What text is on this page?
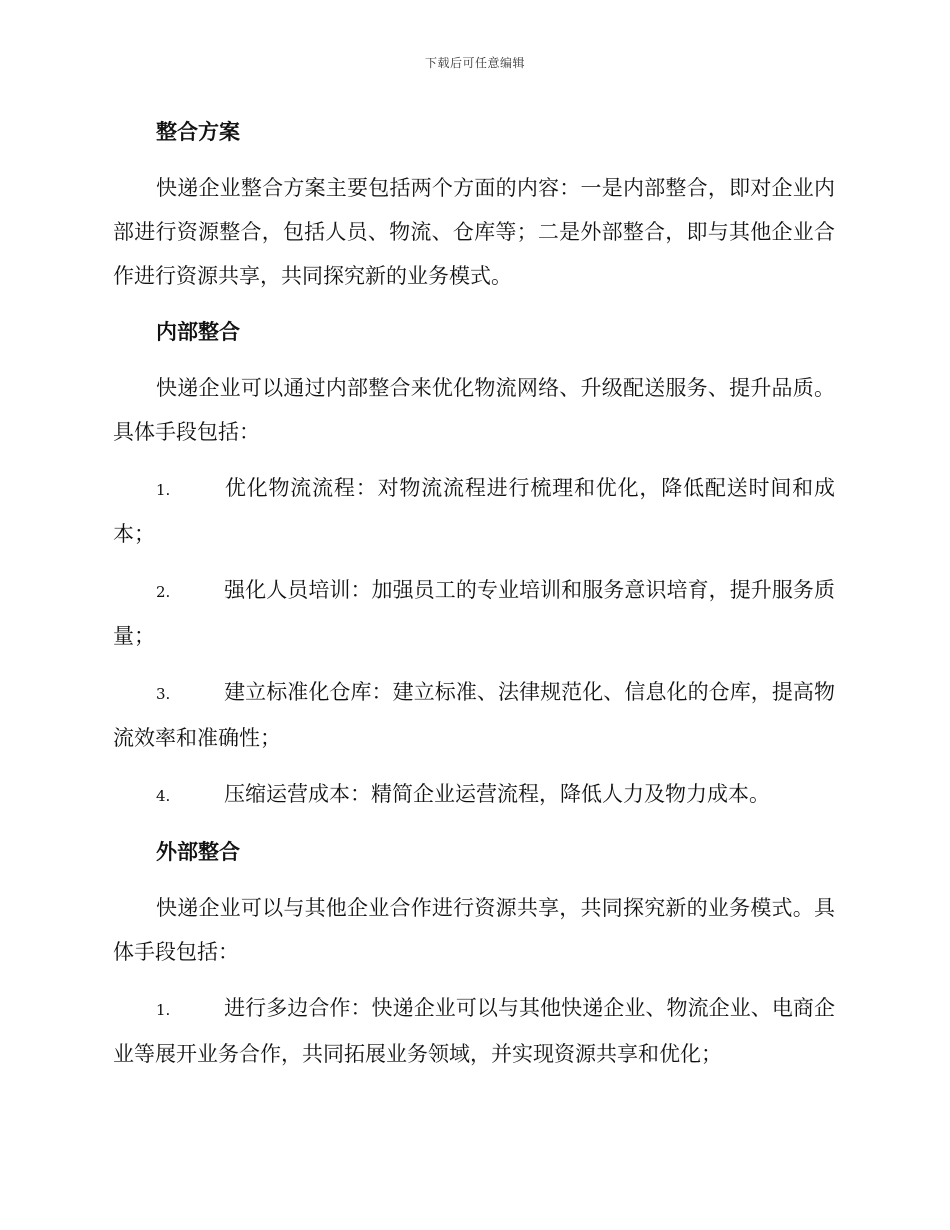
下载后可任意编辑

整合方案

快递企业整合方案主要包括两个方面的内容：一是内部整合，即对企业内部进行资源整合，包括人员、物流、仓库等；二是外部整合，即与其他企业合作进行资源共享，共同探究新的业务模式。

内部整合

快递企业可以通过内部整合来优化物流网络、升级配送服务、提升品质。具体手段包括：

1.	优化物流流程：对物流流程进行梳理和优化，降低配送时间和成本；

2.	强化人员培训：加强员工的专业培训和服务意识培育，提升服务质量；

3.	建立标准化仓库：建立标准、法律规范化、信息化的仓库，提高物流效率和准确性；

4.	压缩运营成本：精简企业运营流程，降低人力及物力成本。

外部整合

快递企业可以与其他企业合作进行资源共享，共同探究新的业务模式。具体手段包括：

1.	进行多边合作：快递企业可以与其他快递企业、物流企业、电商企业等展开业务合作，共同拓展业务领域，并实现资源共享和优化；
